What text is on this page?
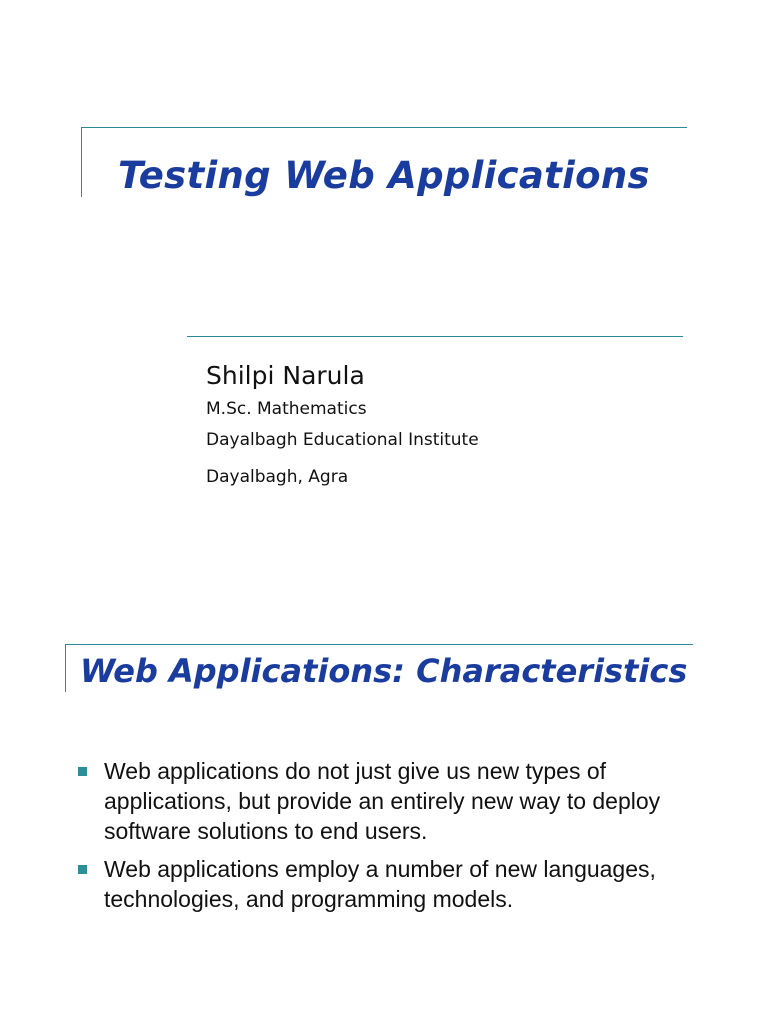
Testing Web Applications
Shilpi Narula
M.Sc. Mathematics
Dayalbagh Educational Institute
Dayalbagh, Agra
Web Applications: Characteristics
Web applications do not just give us new types of applications, but provide an entirely new way to deploy software solutions to end users.
Web applications employ a number of new languages, technologies, and programming models.
